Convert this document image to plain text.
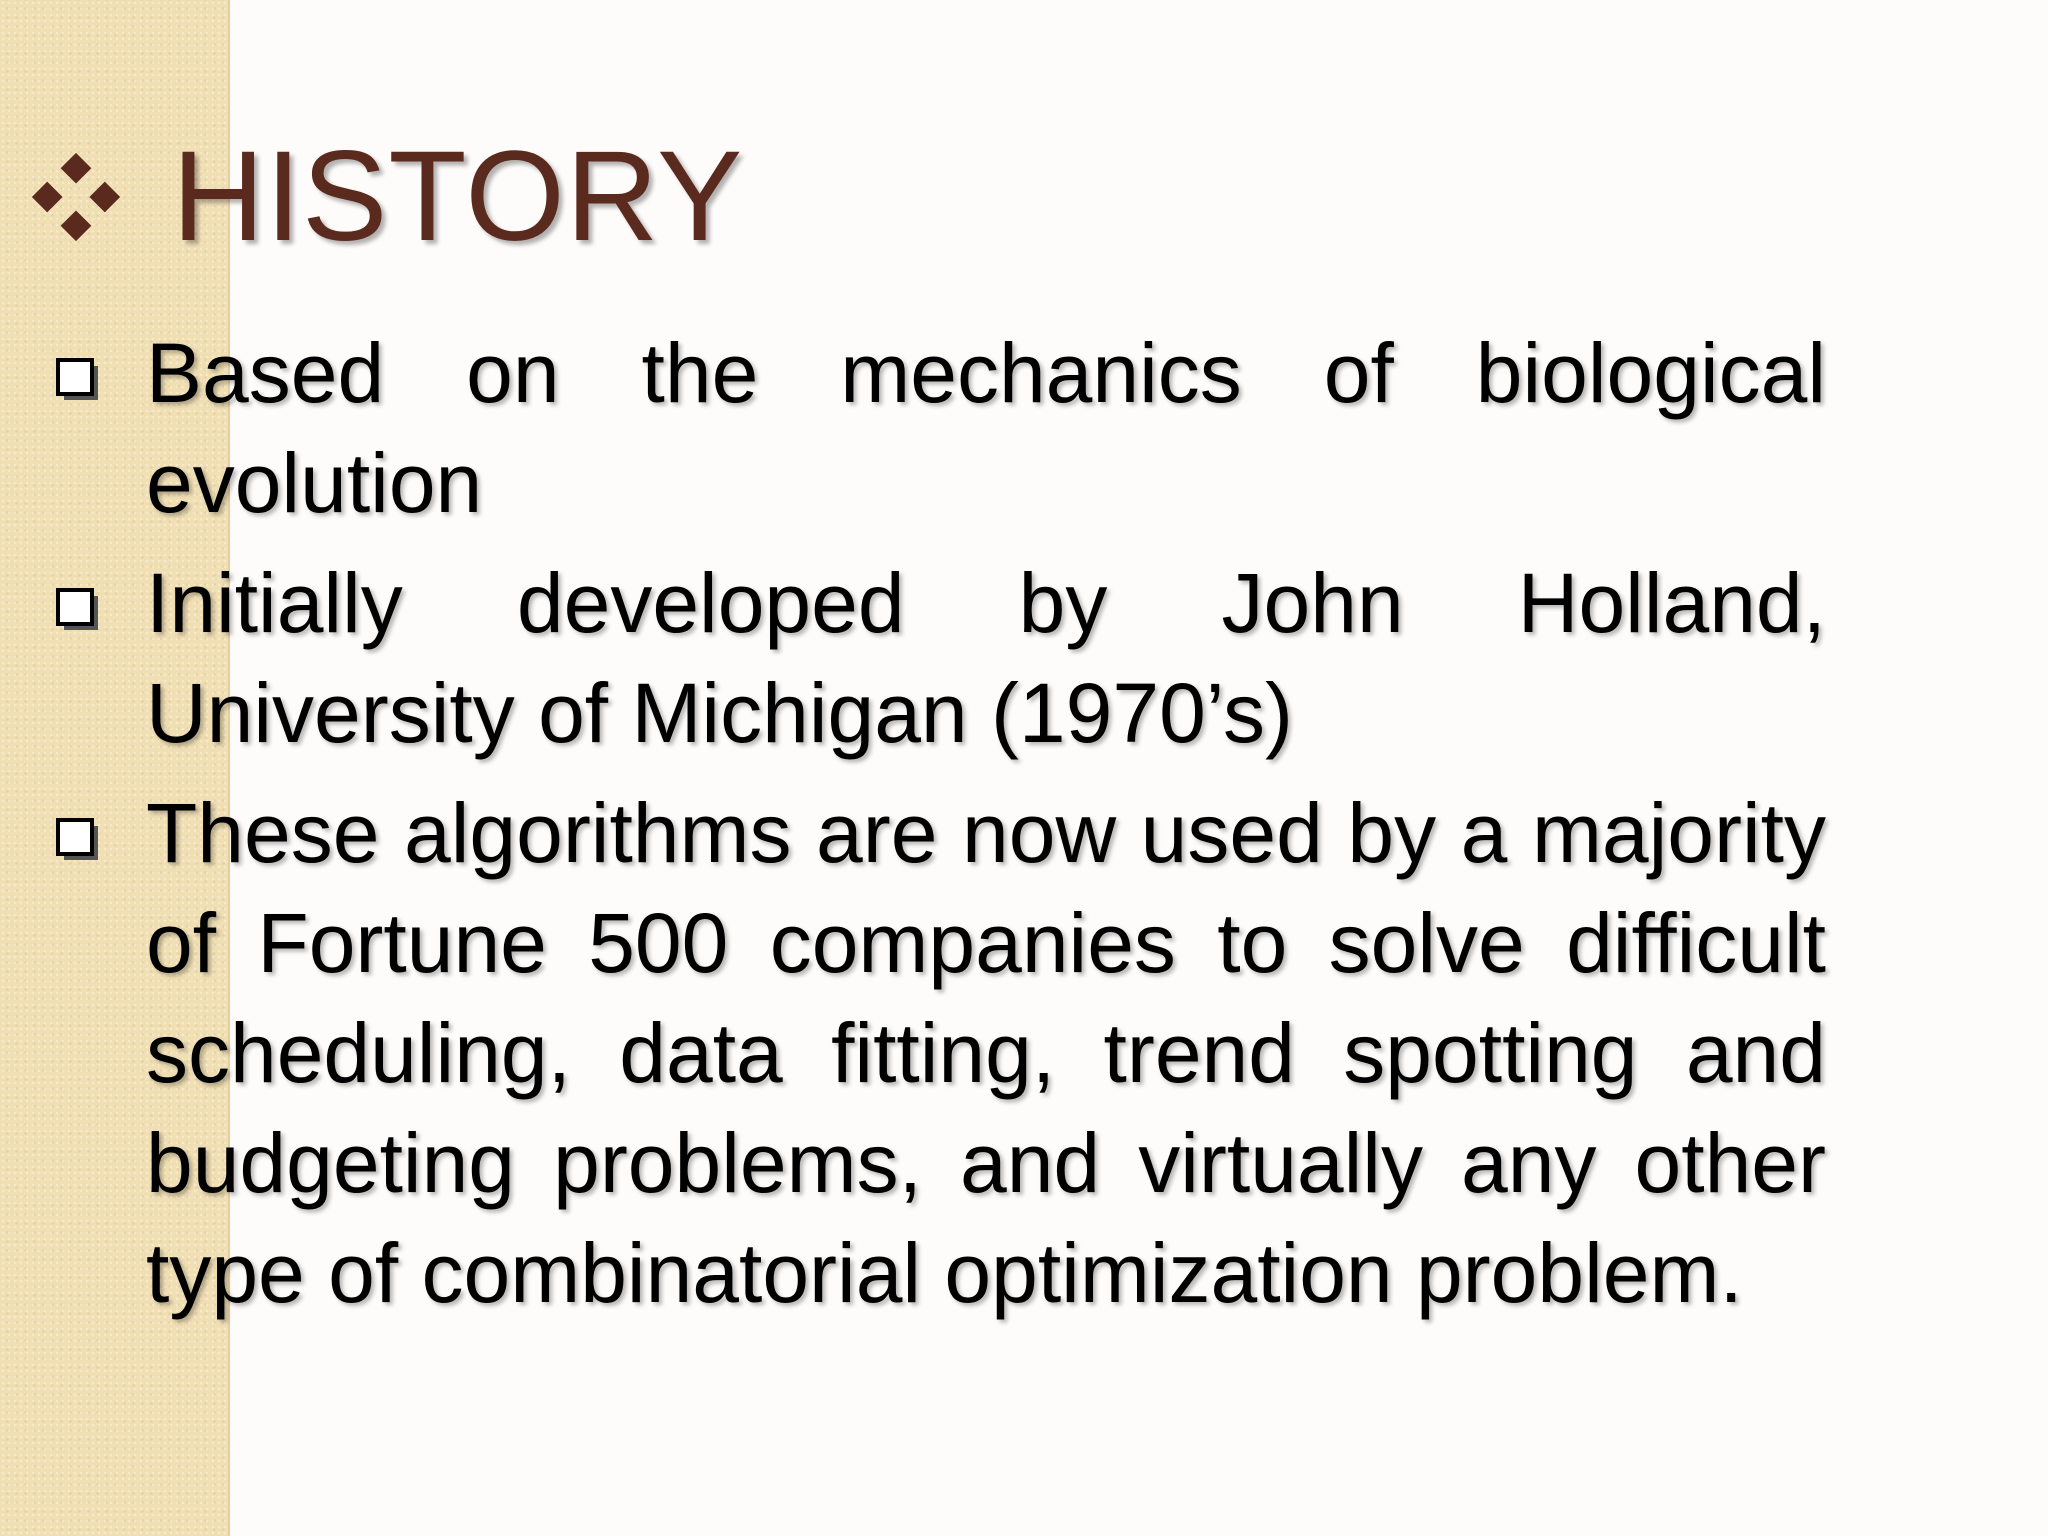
HISTORY
Based on the mechanics of biological evolution
Initially developed by John Holland, University of Michigan (1970’s)
These algorithms are now used by a majority of Fortune 500 companies to solve difficult scheduling, data fitting, trend spotting and budgeting problems, and virtually any other type of combinatorial optimization problem.
